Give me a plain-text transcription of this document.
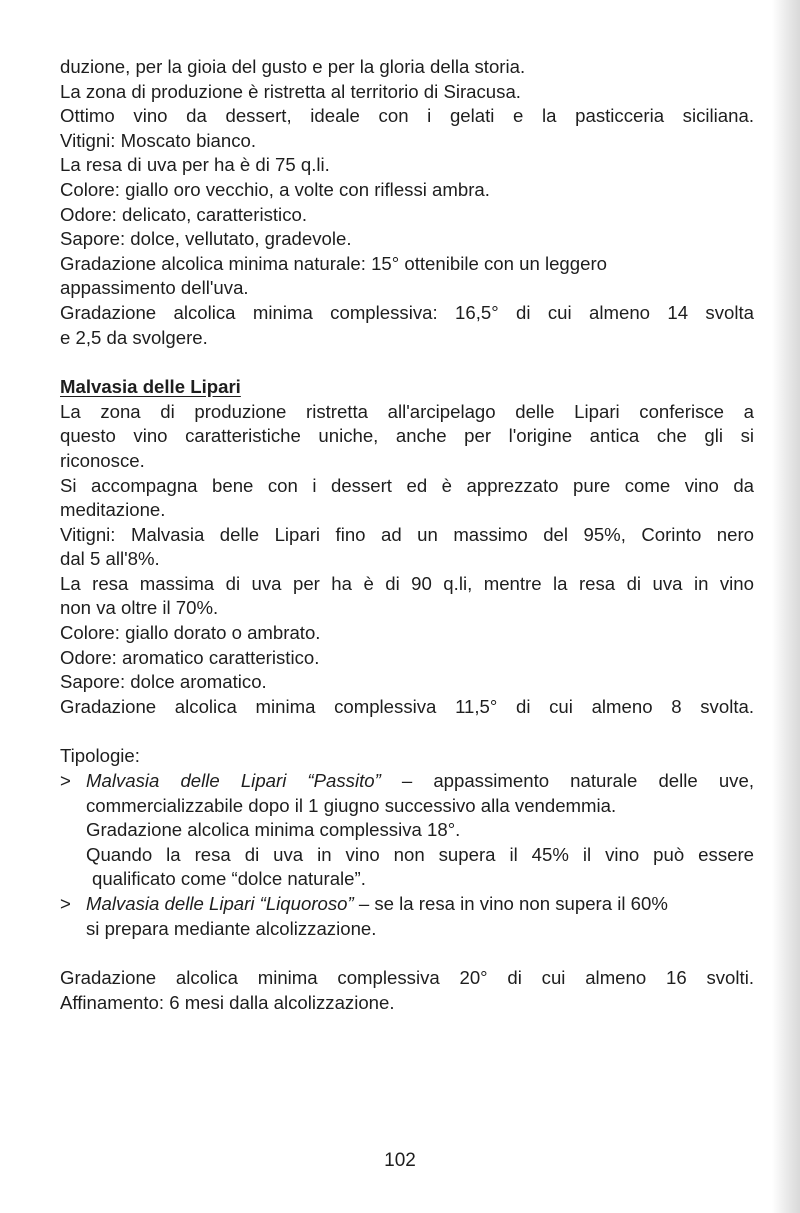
duzione, per la gioia del gusto e per la gloria della storia.

La zona di produzione è ristretta al territorio di Siracusa.

Ottimo vino da dessert, ideale con i gelati e la pasticceria siciliana.

Vitigni: Moscato bianco.

La resa di uva per ha è di 75 q.li.

Colore: giallo oro vecchio, a volte con riflessi ambra.

Odore: delicato, caratteristico.

Sapore: dolce, vellutato, gradevole.

Gradazione alcolica minima naturale: 15° ottenibile con un leggero

appassimento dell'uva.

Gradazione alcolica minima complessiva: 16,5° di cui almeno 14 svolta

e 2,5 da svolgere.

Malvasia delle Lipari

La zona di produzione ristretta all'arcipelago delle Lipari conferisce a

questo vino caratteristiche uniche, anche per l'origine antica che gli si

riconosce.

Si accompagna bene con i dessert ed è apprezzato pure come vino da

meditazione.

Vitigni: Malvasia delle Lipari fino ad un massimo del 95%, Corinto nero

dal 5 all'8%.

La resa massima di uva per ha è di 90 q.li, mentre la resa di uva in vino

non va oltre il 70%.

Colore: giallo dorato o ambrato.

Odore: aromatico caratteristico.

Sapore: dolce aromatico.

Gradazione alcolica minima complessiva 11,5° di cui almeno 8 svolta.

Tipologie:

> Malvasia delle Lipari “Passito” – appassimento naturale delle uve,
commercializzabile dopo il 1 giugno successivo alla vendemmia.
Gradazione alcolica minima complessiva 18°.
Quando la resa di uva in vino non supera il 45% il vino può essere
qualificato come “dolce naturale”.
> Malvasia delle Lipari “Liquoroso” – se la resa in vino non supera il 60%
si prepara mediante alcolizzazione.

Gradazione alcolica minima complessiva 20° di cui almeno 16 svolti.

Affinamento: 6 mesi dalla alcolizzazione.

102
